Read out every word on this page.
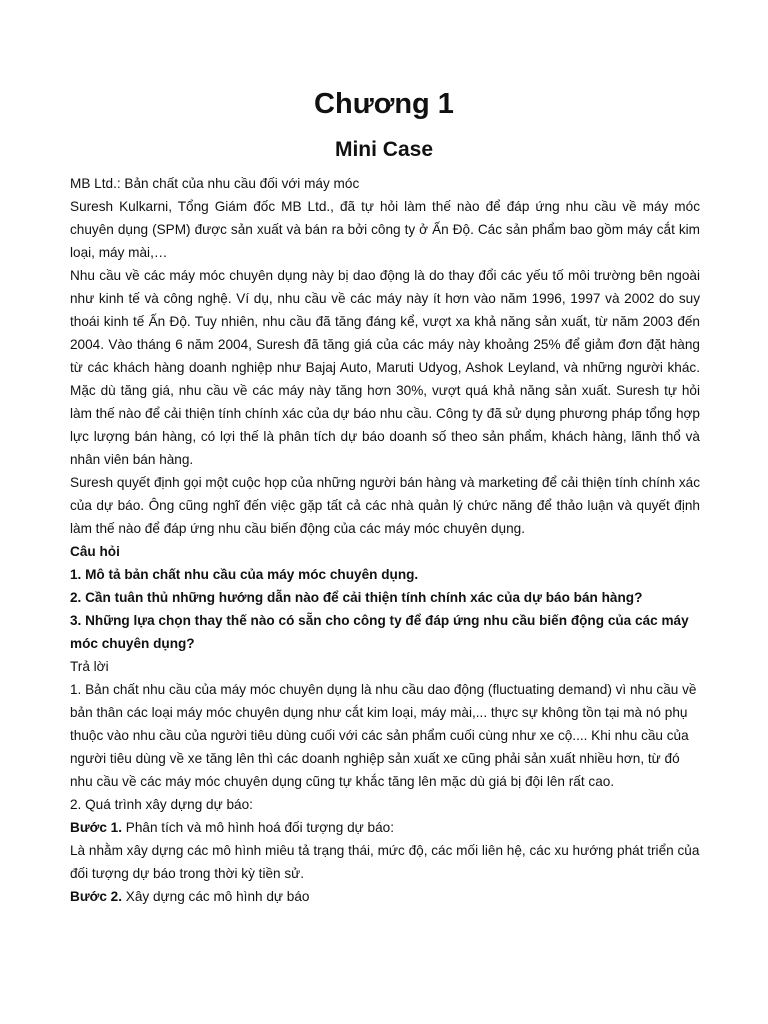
Chương 1
Mini Case

MB Ltd.: Bản chất của nhu cầu đối với máy móc

Suresh Kulkarni, Tổng Giám đốc MB Ltd., đã tự hỏi làm thế nào để đáp ứng nhu cầu về máy móc chuyên dụng (SPM) được sản xuất và bán ra bởi công ty ở Ấn Độ. Các sản phẩm bao gồm máy cắt kim loại, máy mài,…

Nhu cầu về các máy móc chuyên dụng này bị dao động là do thay đổi các yếu tố môi trường bên ngoài như kinh tế và công nghệ. Ví dụ, nhu cầu về các máy này ít hơn vào năm 1996, 1997 và 2002 do suy thoái kinh tế Ấn Độ. Tuy nhiên, nhu cầu đã tăng đáng kể, vượt xa khả năng sản xuất, từ năm 2003 đến 2004. Vào tháng 6 năm 2004, Suresh đã tăng giá của các máy này khoảng 25% để giảm đơn đặt hàng từ các khách hàng doanh nghiệp như Bajaj Auto, Maruti Udyog, Ashok Leyland, và những người khác. Mặc dù tăng giá, nhu cầu về các máy này tăng hơn 30%, vượt quá khả năng sản xuất. Suresh tự hỏi làm thế nào để cải thiện tính chính xác của dự báo nhu cầu. Công ty đã sử dụng phương pháp tổng hợp lực lượng bán hàng, có lợi thế là phân tích dự báo doanh số theo sản phẩm, khách hàng, lãnh thổ và nhân viên bán hàng.

Suresh quyết định gọi một cuộc họp của những người bán hàng và marketing để cải thiện tính chính xác của dự báo. Ông cũng nghĩ đến việc gặp tất cả các nhà quản lý chức năng để thảo luận và quyết định làm thế nào để đáp ứng nhu cầu biến động của các máy móc chuyên dụng.

Câu hỏi

1. Mô tả bản chất nhu cầu của máy móc chuyên dụng.

2. Cần tuân thủ những hướng dẫn nào để cải thiện tính chính xác của dự báo bán hàng?

3. Những lựa chọn thay thế nào có sẵn cho công ty để đáp ứng nhu cầu biến động của các máy móc chuyên dụng?

Trả lời

1. Bản chất nhu cầu của máy móc chuyên dụng là nhu cầu dao động (fluctuating demand) vì nhu cầu về bản thân các loại máy móc chuyên dụng như cắt kim loại, máy mài,... thực sự không tồn tại mà nó phụ thuộc vào nhu cầu của người tiêu dùng cuối với các sản phẩm cuối cùng như xe cộ.... Khi nhu cầu của người tiêu dùng về xe tăng lên thì các doanh nghiệp sản xuất xe cũng phải sản xuất nhiều hơn, từ đó nhu cầu về các máy móc chuyên dụng cũng tự khắc tăng lên mặc dù giá bị đội lên rất cao.

2. Quá trình xây dựng dự báo:

Bước 1. Phân tích và mô hình hoá đối tượng dự báo:

Là nhằm xây dựng các mô hình miêu tả trạng thái, mức độ, các mối liên hệ, các xu hướng phát triển của đối tượng dự báo trong thời kỳ tiền sử.

Bước 2. Xây dựng các mô hình dự báo
